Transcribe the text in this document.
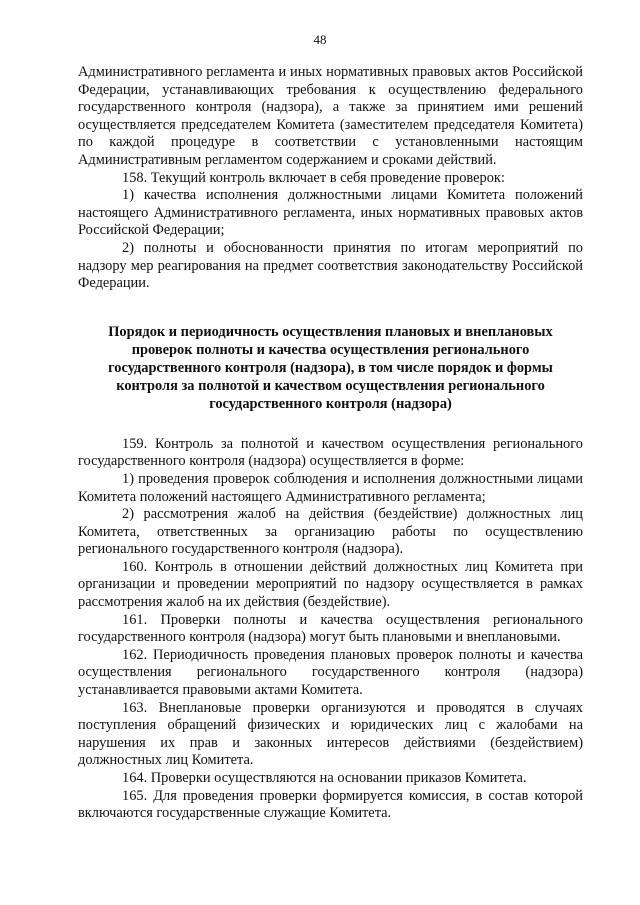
48

Административного регламента и иных нормативных правовых актов Российской Федерации, устанавливающих требования к осуществлению федерального государственного контроля (надзора), а также за принятием ими решений осуществляется председателем Комитета (заместителем председателя Комитета) по каждой процедуре в соответствии с установленными настоящим Административным регламентом содержанием и сроками действий.

158. Текущий контроль включает в себя проведение проверок:

1) качества исполнения должностными лицами Комитета положений настоящего Административного регламента, иных нормативных правовых актов Российской Федерации;

2) полноты и обоснованности принятия по итогам мероприятий по надзору мер реагирования на предмет соответствия законодательству Российской Федерации.

Порядок и периодичность осуществления плановых и внеплановых проверок полноты и качества осуществления регионального государственного контроля (надзора), в том числе порядок и формы контроля за полнотой и качеством осуществления регионального государственного контроля (надзора)

159. Контроль за полнотой и качеством осуществления регионального государственного контроля (надзора) осуществляется в форме:

1) проведения проверок соблюдения и исполнения должностными лицами Комитета положений настоящего Административного регламента;

2) рассмотрения жалоб на действия (бездействие) должностных лиц Комитета, ответственных за организацию работы по осуществлению регионального государственного контроля (надзора).

160. Контроль в отношении действий должностных лиц Комитета при организации и проведении мероприятий по надзору осуществляется в рамках рассмотрения жалоб на их действия (бездействие).

161. Проверки полноты и качества осуществления регионального государственного контроля (надзора) могут быть плановыми и внеплановыми.

162. Периодичность проведения плановых проверок полноты и качества осуществления регионального государственного контроля (надзора) устанавливается правовыми актами Комитета.

163. Внеплановые проверки организуются и проводятся в случаях поступления обращений физических и юридических лиц с жалобами на нарушения их прав и законных интересов действиями (бездействием) должностных лиц Комитета.

164. Проверки осуществляются на основании приказов Комитета.

165. Для проведения проверки формируется комиссия, в состав которой включаются государственные служащие Комитета.
